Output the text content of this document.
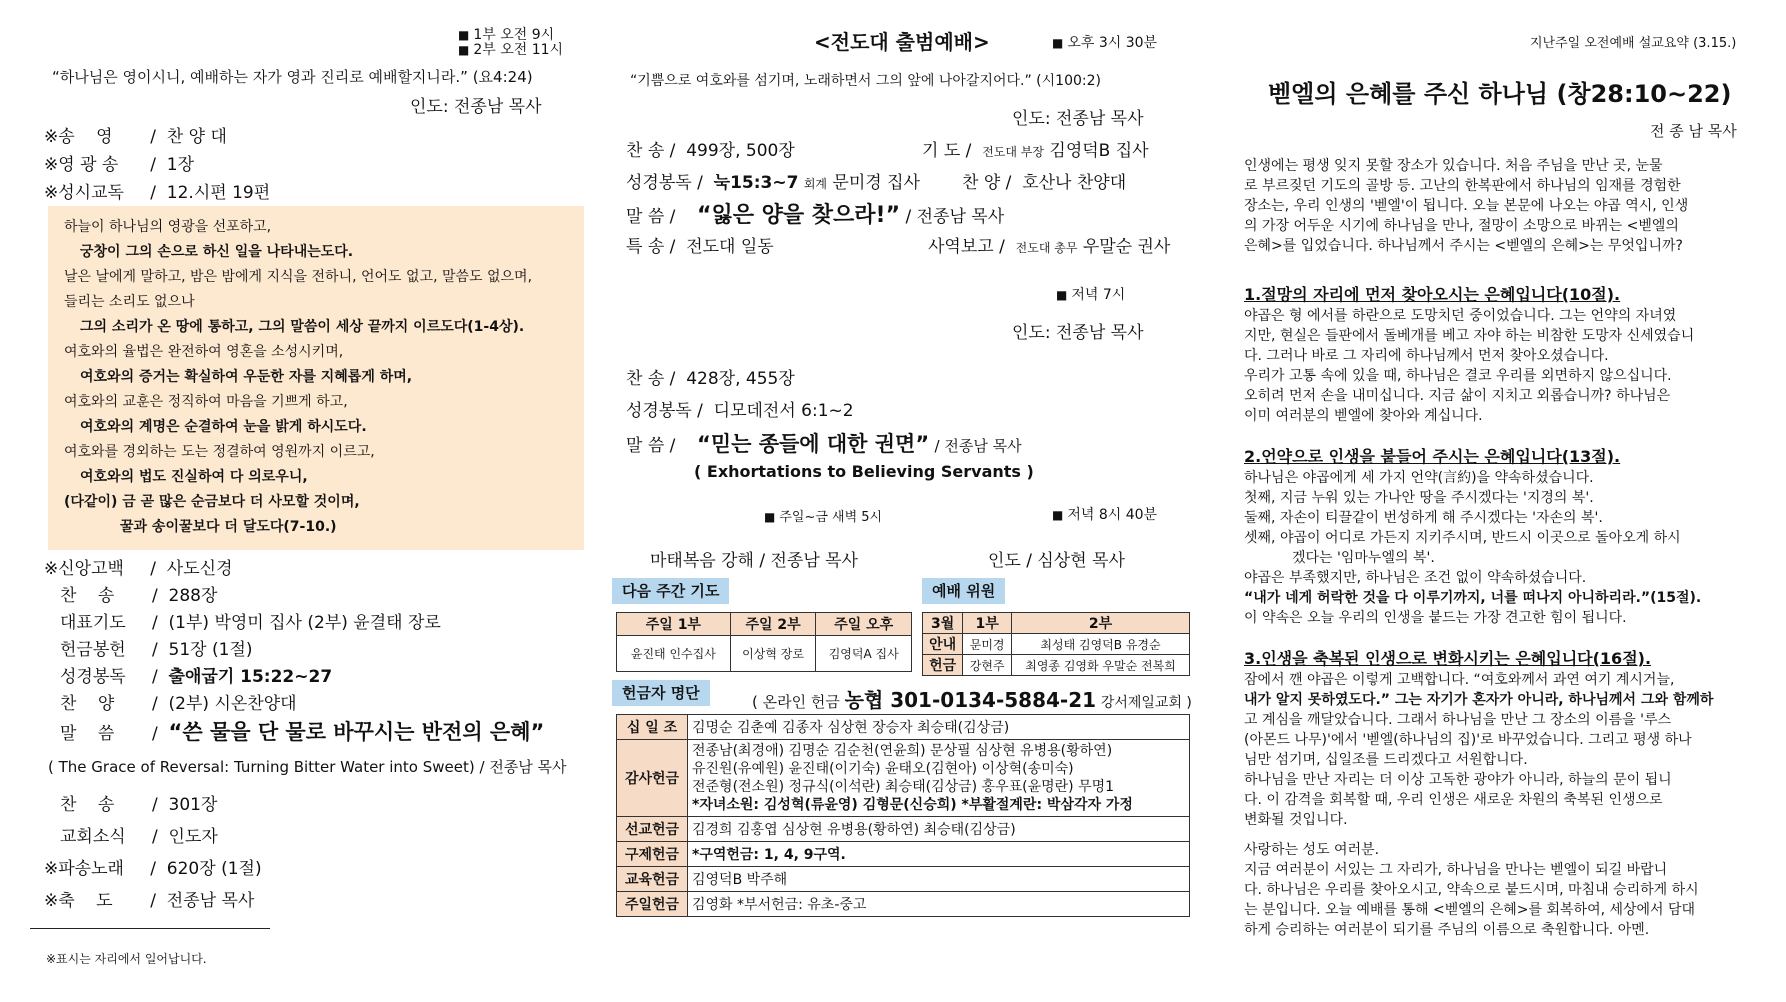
■ 1부 오전 9시
■ 2부 오전 11시
“하나님은 영이시니, 예배하는 자가 영과 진리로 예배할지니라.” (요4:24)
인도: 전종남 목사
※송 영 /  찬 양 대
※영 광 송 /  1장
※성시교독 /  12.시편 19편
하늘이 하나님의 영광을 선포하고,
궁창이 그의 손으로 하신 일을 나타내는도다.
날은 날에게 말하고, 밤은 밤에게 지식을 전하니, 언어도 없고, 말씀도 없으며,
들리는 소리도 없으나
그의 소리가 온 땅에 통하고, 그의 말씀이 세상 끝까지 이르도다(1-4상).
여호와의 율법은 완전하여 영혼을 소성시키며,
여호와의 증거는 확실하여 우둔한 자를 지혜롭게 하며,
여호와의 교훈은 정직하여 마음을 기쁘게 하고,
여호와의 계명은 순결하여 눈을 밝게 하시도다.
여호와를 경외하는 도는 정결하여 영원까지 이르고,
여호와의 법도 진실하여 다 의로우니,
(다같이) 금 곧 많은 순금보다 더 사모할 것이며,
꿀과 송이꿀보다 더 달도다(7-10.)
※신앙고백 /  사도신경
찬 송 /  288장
대표기도 /  (1부) 박영미 집사 (2부) 윤결태 장로
헌금봉헌 /  51장 (1절)
성경봉독 /  출애굽기 15:22~27
찬 양 /  (2부) 시온찬양대
말 씀 /  “쓴 물을 단 물로 바꾸시는 반전의 은혜”
( The Grace of Reversal: Turning Bitter Water into Sweet) / 전종남 목사
찬 송 /  301장
교회소식 /  인도자
※파송노래 /  620장 (1절)
※축 도 /  전종남 목사
※표시는 자리에서 일어납니다.
<전도대 출범예배>	■ 오후 3시 30분
“기쁨으로 여호와를 섬기며, 노래하면서 그의 앞에 나아갈지어다.” (시100:2)
인도: 전종남 목사
찬 송 / 499장, 500장	기 도 / 전도대 부장 김영덕B 집사
성경봉독 / 눅15:3~7 회계 문미경 집사 찬 양 / 호산나 찬양대
말 씀 / “잃은 양을 찾으라!” / 전종남 목사
특 송 / 전도대 일동	사역보고 / 전도대 총무 우말순 권사
■ 저녁 7시
인도: 전종남 목사
찬 송 / 428장, 455장
성경봉독 / 디모데전서 6:1~2
말 씀 / “믿는 종들에 대한 권면” / 전종남 목사
( Exhortations to Believing Servants )
■ 주일~금 새벽 5시	■ 저녁 8시 40분
마태복음 강해 / 전종남 목사	인도 / 심상현 목사
다음 주간 기도	예배 위원
주일 1부	주일 2부	주일 오후
윤진태 인수집사	이상혁 장로	김영덕A 집사
3월	1부	2부
안내	문미경	최성태 김영덕B 유경순
헌금	강현주	최영종 김영화 우말순 전복희
헌금자 명단	( 온라인 헌금 농협 301-0134-5884-21 강서제일교회 )
십 일 조	김명순 김춘예 김종자 심상현 장승자 최승태(김상금)

감사헌금	전종남(최경애) 김명순 김순천(연윤희) 문상필 심상현 유병용(황하연)
유진원(유예원) 윤진태(이기숙) 윤태오(김현아) 이상혁(송미숙)
전준형(전소원) 정규식(이석란) 최승태(김상금) 홍우표(윤명란) 무명1
*자녀소원: 김성혁(류윤영) 김형문(신승희) *부활절계란: 박삼각자 가정

선교헌금	김경희 김홍엽 심상현 유병용(황하연) 최승태(김상금)

구제헌금	*구역헌금: 1, 4, 9구역.

교육헌금	김영덕B 박주해

주일헌금	김영화 *부서헌금: 유초-중고
지난주일 오전예배 설교요약 (3.15.)
벧엘의 은혜를 주신 하나님 (창28:10~22)
전 종 남 목사
인생에는 평생 잊지 못할 장소가 있습니다. 처음 주님을 만난 곳, 눈물
로 부르짖던 기도의 골방 등. 고난의 한복판에서 하나님의 임재를 경험한
장소는, 우리 인생의 '벧엘'이 됩니다. 오늘 본문에 나오는 야곱 역시, 인생
의 가장 어두운 시기에 하나님을 만나, 절망이 소망으로 바뀌는 <벧엘의
은혜>를 입었습니다. 하나님께서 주시는 <벧엘의 은혜>는 무엇입니까?
1.절망의 자리에 먼저 찾아오시는 은혜입니다(10절).
야곱은 형 에서를 하란으로 도망치던 중이었습니다. 그는 언약의 자녀였
지만, 현실은 들판에서 돌베개를 베고 자야 하는 비참한 도망자 신세였습니
다. 그러나 바로 그 자리에 하나님께서 먼저 찾아오셨습니다.
우리가 고통 속에 있을 때, 하나님은 결코 우리를 외면하지 않으십니다.
오히려 먼저 손을 내미십니다. 지금 삶이 지치고 외롭습니까? 하나님은
이미 여러분의 벧엘에 찾아와 계십니다.
2.언약으로 인생을 붙들어 주시는 은혜입니다(13절).
하나님은 야곱에게 세 가지 언약(言約)을 약속하셨습니다.
첫째, 지금 누워 있는 가나안 땅을 주시겠다는 '지경의 복'.
둘째, 자손이 티끌같이 번성하게 해 주시겠다는 '자손의 복'.
셋째, 야곱이 어디로 가든지 지키주시며, 반드시 이곳으로 돌아오게 하시
겠다는 '임마누엘의 복'.
야곱은 부족했지만, 하나님은 조건 없이 약속하셨습니다.
“내가 네게 허락한 것을 다 이루기까지, 너를 떠나지 아니하리라.”(15절).
이 약속은 오늘 우리의 인생을 붙드는 가장 견고한 힘이 됩니다.
3.인생을 축복된 인생으로 변화시키는 은혜입니다(16절).
잠에서 깬 야곱은 이렇게 고백합니다. “여호와께서 과연 여기 계시거늘,
내가 알지 못하였도다.” 그는 자기가 혼자가 아니라, 하나님께서 그와 함께하
고 계심을 깨달았습니다. 그래서 하나님을 만난 그 장소의 이름을 '루스
(아몬드 나무)'에서 '벧엘(하나님의 집)'로 바꾸었습니다. 그리고 평생 하나
님만 섬기며, 십일조를 드리겠다고 서원합니다.
하나님을 만난 자리는 더 이상 고독한 광야가 아니라, 하늘의 문이 됩니
다. 이 감격을 회복할 때, 우리 인생은 새로운 차원의 축복된 인생으로
변화될 것입니다.
사랑하는 성도 여러분.
지금 여러분이 서있는 그 자리가, 하나님을 만나는 벧엘이 되길 바랍니
다. 하나님은 우리를 찾아오시고, 약속으로 붙드시며, 마침내 승리하게 하시
는 분입니다. 오늘 예배를 통해 <벧엘의 은혜>를 회복하여, 세상에서 담대
하게 승리하는 여러분이 되기를 주님의 이름으로 축원합니다. 아멘.
